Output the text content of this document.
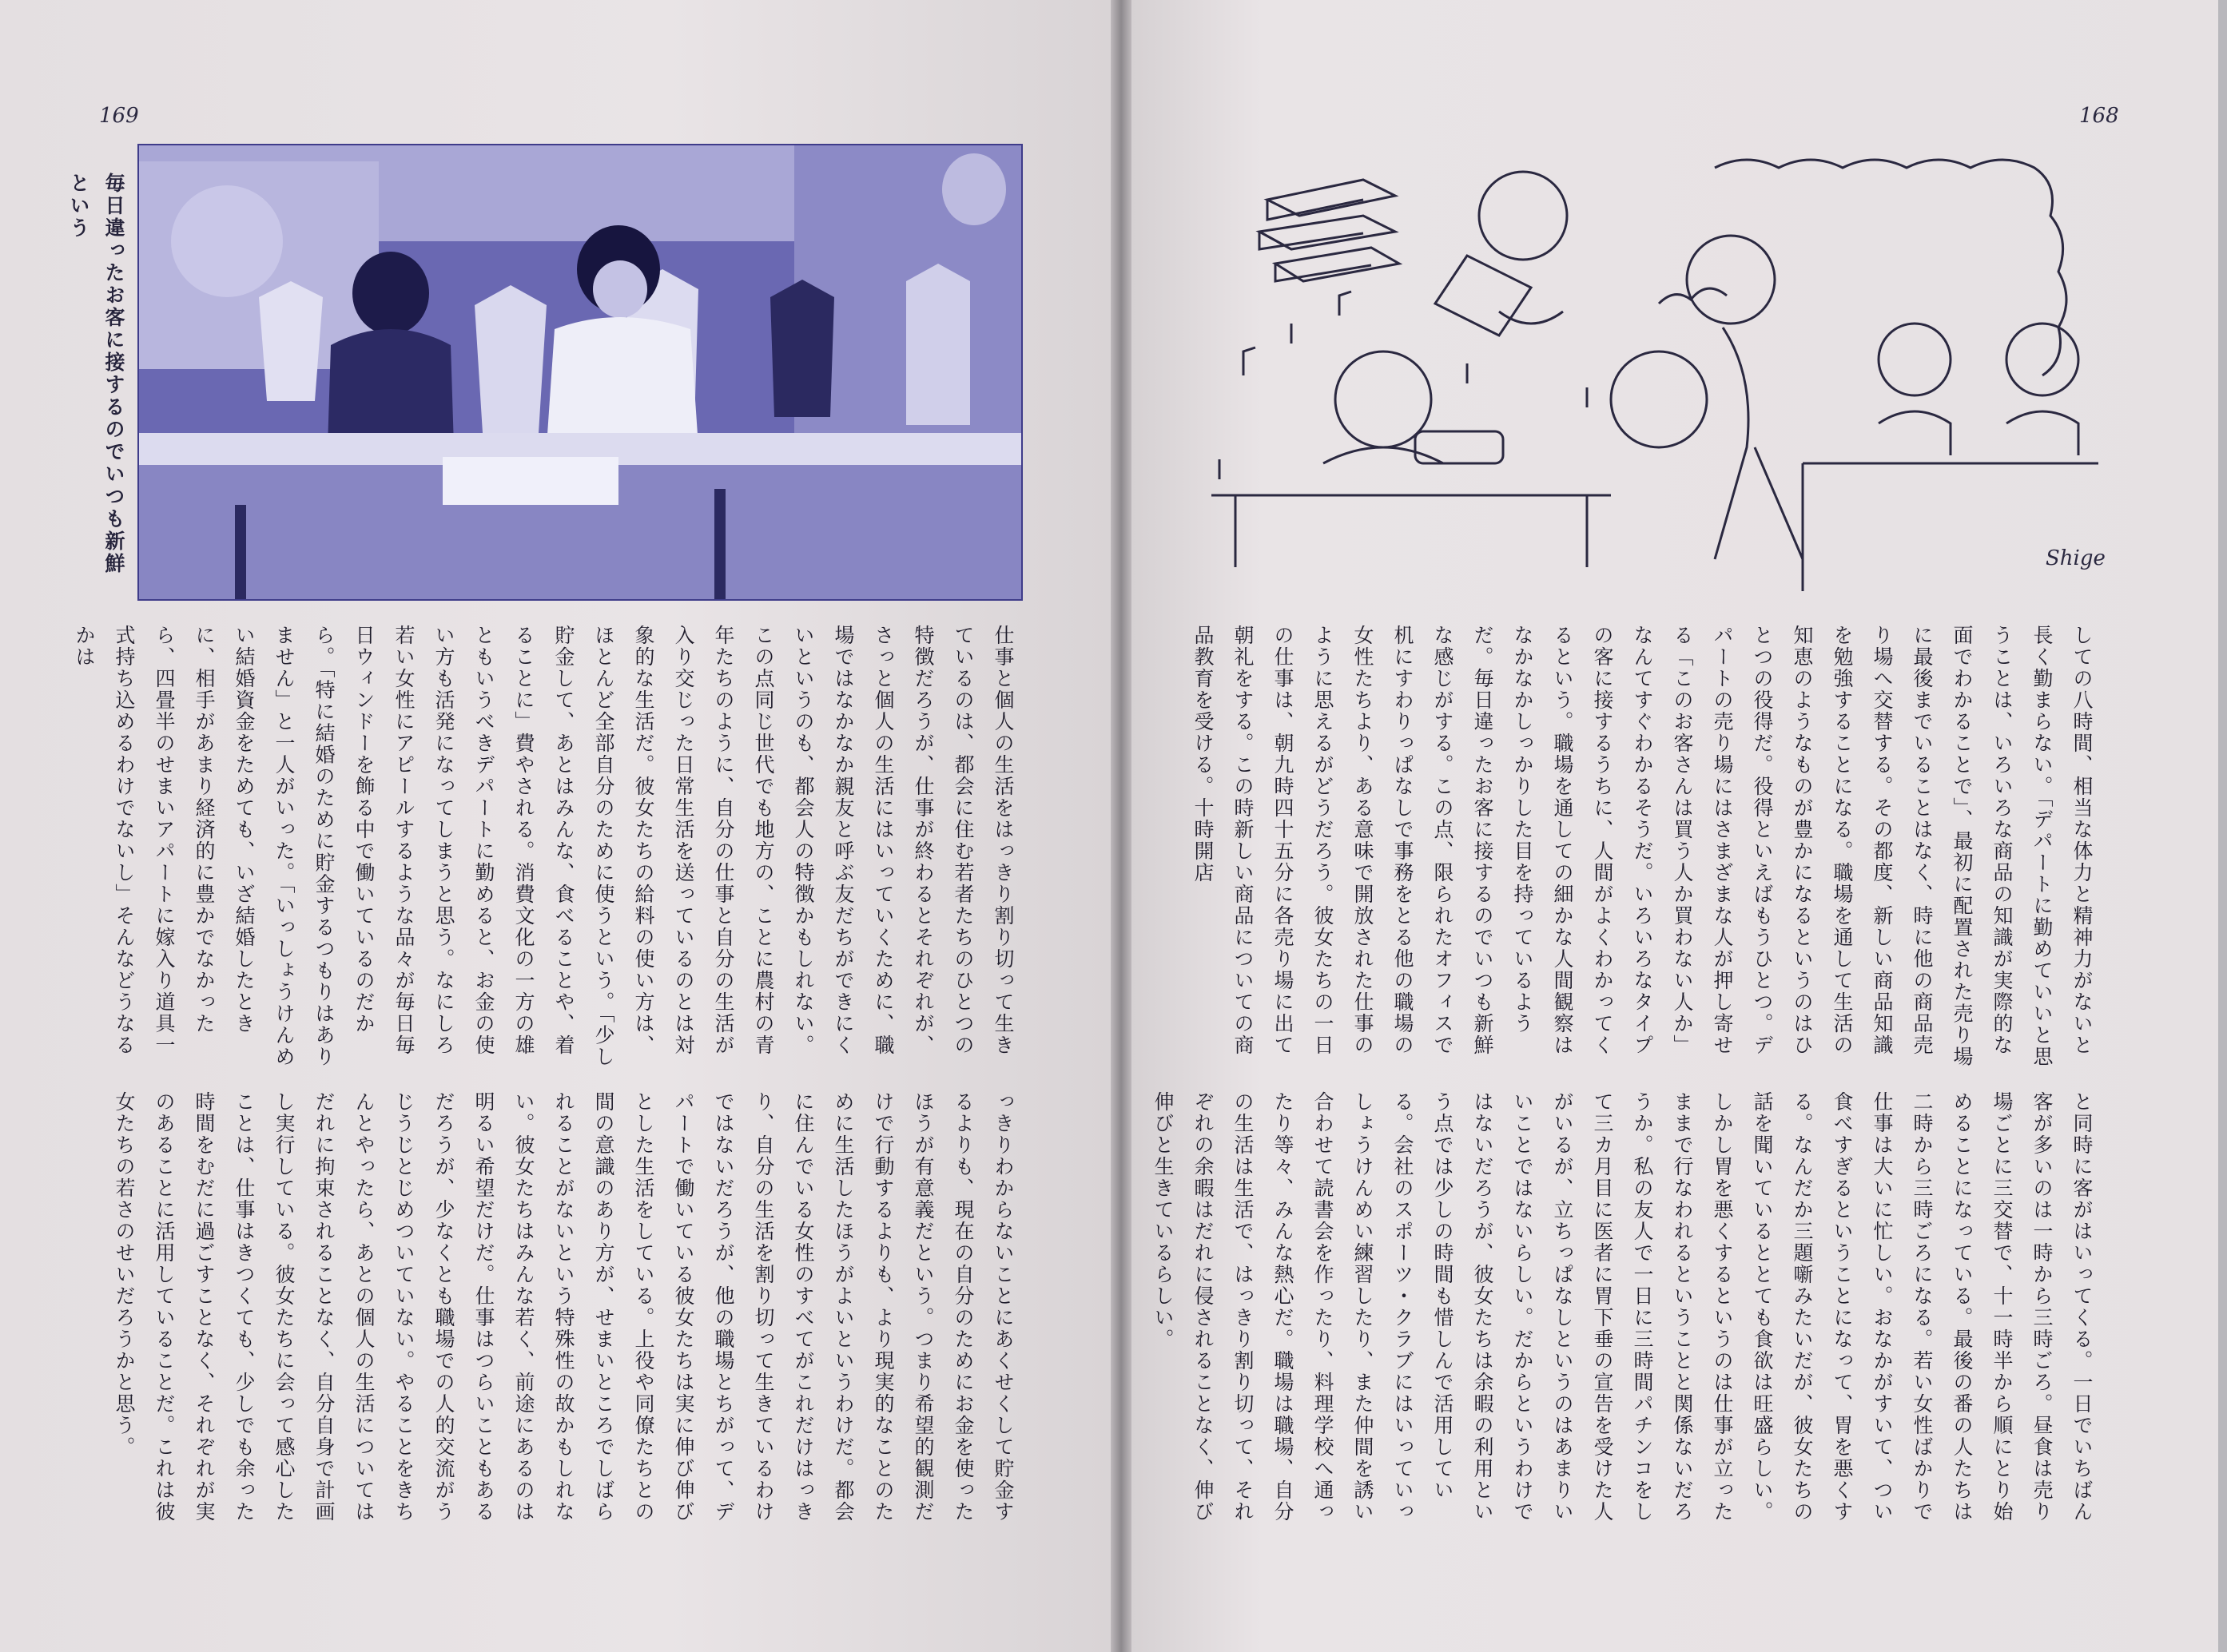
169
毎日違ったお客に接するのでいつも新鮮という

仕事と個人の生活をはっきり割り切って生きているのは、都会に住む若者たちのひとつの特徴だろうが、仕事が終わるとそれぞれが、さっと個人の生活にはいっていくために、職場ではなかなか親友と呼ぶ友だちができにくいというのも、都会人の特徴かもしれない。この点同じ世代でも地方の、ことに農村の青年たちのように、自分の仕事と自分の生活が入り交じった日常生活を送っているのとは対象的な生活だ。彼女たちの給料の使い方は、ほとんど全部自分のために使うという。「少し貯金して、あとはみんな、食べることや、着ることに」費やされる。消費文化の一方の雄ともいうべきデパートに勤めると、お金の使い方も活発になってしまうと思う。なにしろ若い女性にアピールするような品々が毎日毎日ウィンドーを飾る中で働いているのだから。「特に結婚のために貯金するつもりはありません」と一人がいった。「いっしょうけんめい結婚資金をためても、いざ結婚したときに、相手があまり経済的に豊かでなかったら、四畳半のせまいアパートに嫁入り道具一式持ち込めるわけでないし」そんなどうなるかは

っきりわからないことにあくせくして貯金するよりも、現在の自分のためにお金を使ったほうが有意義だという。つまり希望的観測だけで行動するよりも、より現実的なことのために生活したほうがよいというわけだ。都会に住んでいる女性のすべてがこれだけはっきり、自分の生活を割り切って生きているわけではないだろうが、他の職場とちがって、デパートで働いている彼女たちは実に伸び伸びとした生活をしている。上役や同僚たちとの間の意識のあり方が、せまいところでしばられることがないという特殊性の故かもしれない。彼女たちはみんな若く、前途にあるのは明るい希望だけだ。仕事はつらいこともあるだろうが、少なくとも職場での人的交流がうじうじとじめついていない。やることをきちんとやったら、あとの個人の生活についてはだれに拘束されることなく、自分自身で計画し実行している。彼女たちに会って感心したことは、仕事はきつくても、少しでも余った時間をむだに過ごすことなく、それぞれが実のあることに活用していることだ。これは彼女たちの若さのせいだろうかと思う。

168
Shige

しての八時間、相当な体力と精神力がないと長く勤まらない。「デパートに勤めていいと思うことは、いろいろな商品の知識が実際的な面でわかることで」、最初に配置された売り場に最後までいることはなく、時に他の商品売り場へ交替する。その都度、新しい商品知識を勉強することになる。職場を通して生活の知恵のようなものが豊かになるというのはひとつの役得だ。役得といえばもうひとつ。デパートの売り場にはさまざまな人が押し寄せる「このお客さんは買う人か買わない人か」なんてすぐわかるそうだ。いろいろなタイプの客に接するうちに、人間がよくわかってくるという。職場を通しての細かな人間観察はなかなかしっかりした目を持っているようだ。毎日違ったお客に接するのでいつも新鮮な感じがする。この点、限られたオフィスで机にすわりっぱなしで事務をとる他の職場の女性たちより、ある意味で開放された仕事のように思えるがどうだろう。彼女たちの一日の仕事は、朝九時四十五分に各売り場に出て朝礼をする。この時新しい商品についての商品教育を受ける。十時開店

と同時に客がはいってくる。一日でいちばん客が多いのは一時から三時ごろ。昼食は売り場ごとに三交替で、十一時半から順にとり始めることになっている。最後の番の人たちは二時から三時ごろになる。若い女性ばかりで仕事は大いに忙しい。おなかがすいて、つい食べすぎるということになって、胃を悪くする。なんだか三題噺みたいだが、彼女たちの話を聞いているととても食欲は旺盛らしい。しかし胃を悪くするというのは仕事が立ったままで行なわれるということと関係ないだろうか。私の友人で一日に三時間パチンコをして三カ月目に医者に胃下垂の宣告を受けた人がいるが、立ちっぱなしというのはあまりいいことではないらしい。だからというわけではないだろうが、彼女たちは余暇の利用という点では少しの時間も惜しんで活用している。会社のスポーツ・クラブにはいっていっしょうけんめい練習したり、また仲間を誘い合わせて読書会を作ったり、料理学校へ通ったり等々、みんな熱心だ。職場は職場、自分の生活は生活で、はっきり割り切って、それぞれの余暇はだれに侵されることなく、伸び伸びと生きているらしい。
